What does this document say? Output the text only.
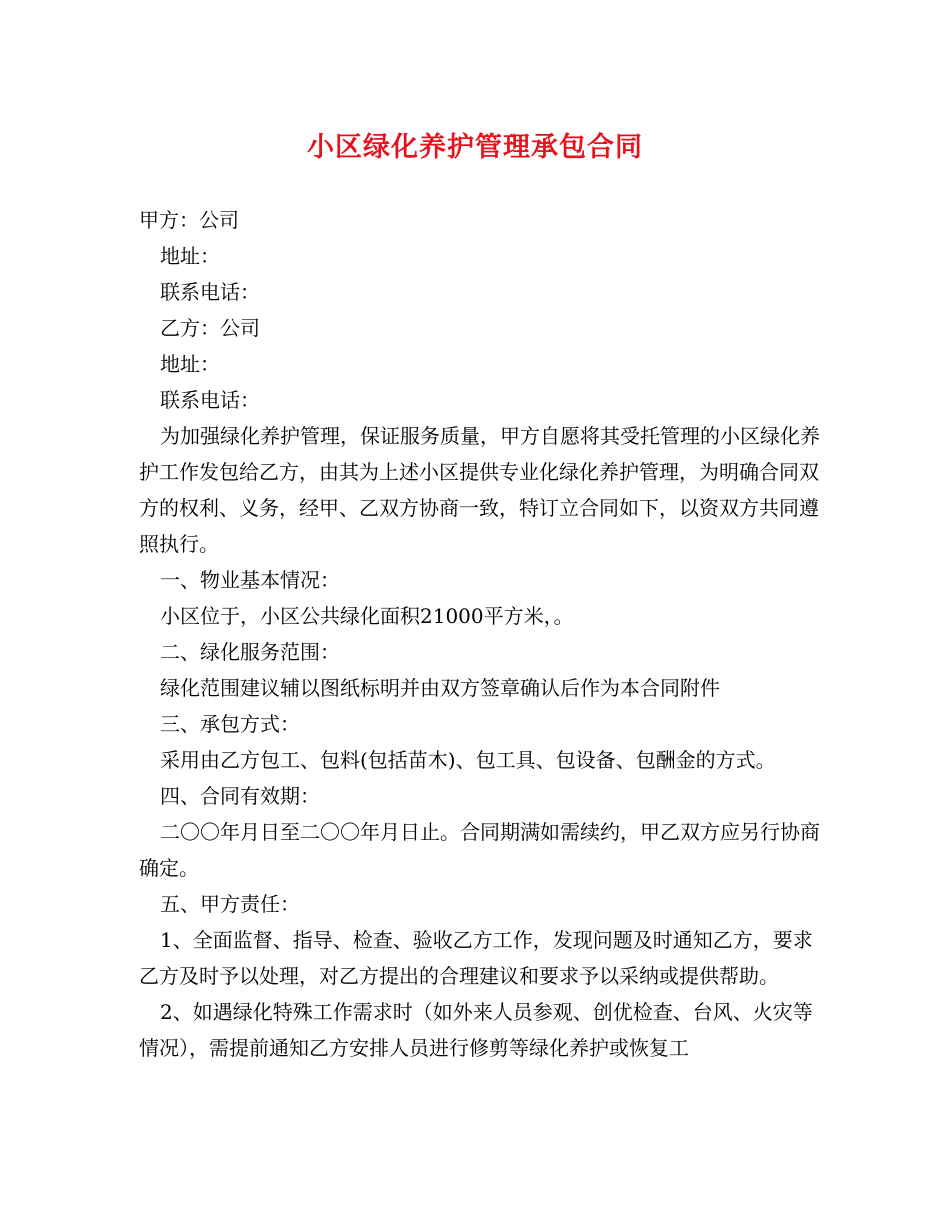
小区绿化养护管理承包合同

甲方：公司

地址：

联系电话：

乙方：公司

地址：

联系电话：

为加强绿化养护管理，保证服务质量，甲方自愿将其受托管理的小区绿化养护工作发包给乙方，由其为上述小区提供专业化绿化养护管理，为明确合同双方的权利、义务，经甲、乙双方协商一致，特订立合同如下，以资双方共同遵照执行。

一、物业基本情况：

小区位于，小区公共绿化面积21000平方米，。

二、绿化服务范围：

绿化范围建议辅以图纸标明并由双方签章确认后作为本合同附件

三、承包方式：

采用由乙方包工、包料(包括苗木)、包工具、包设备、包酬金的方式。

四、合同有效期：

二〇〇年月日至二〇〇年月日止。合同期满如需续约，甲乙双方应另行协商确定。

五、甲方责任：

1、全面监督、指导、检查、验收乙方工作，发现问题及时通知乙方，要求乙方及时予以处理，对乙方提出的合理建议和要求予以采纳或提供帮助。

2、如遇绿化特殊工作需求时（如外来人员参观、创优检查、台风、火灾等情况），需提前通知乙方安排人员进行修剪等绿化养护或恢复工
